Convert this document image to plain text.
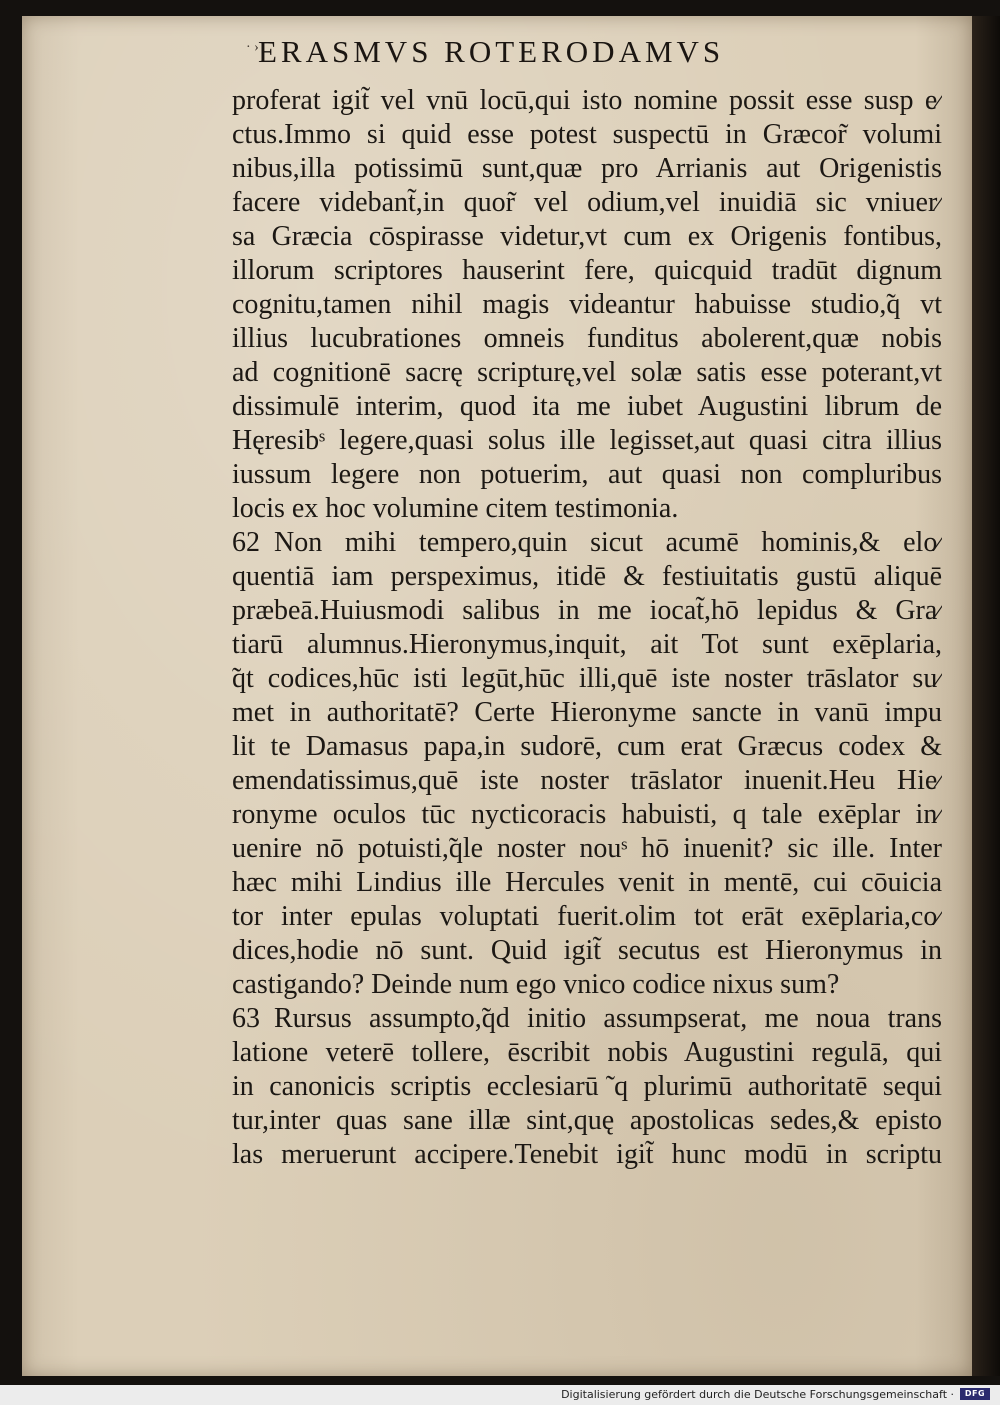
· › ERASMVS ROTERODAMVS
proferat igit̃ vel vnū locū,qui isto nomine possit esse susp e⁄
ctus.Immo si quid esse potest suspectū in Græcor̃ volumi
nibus,illa potissimū sunt,quæ pro Arrianis aut Origenistis
facere videbant̃,in quor̃ vel odium,vel inuidiā sic vniuer⁄
sa Græcia cōspirasse videtur,vt cum ex Origenis fontibus,
illorum scriptores hauserint fere, quicquid tradūt dignum
cognitu,tamen nihil magis videantur habuisse studio,̃q vt
illius lucubrationes omneis funditus abolerent,quæ nobis
ad cognitionē sacrę scripturę,vel solæ satis esse poterant,vt
dissimulē interim, quod ita me iubet Augustini librum de
Hęresibˢ legere,quasi solus ille legisset,aut quasi citra illius
iussum legere non potuerim, aut quasi non compluribus
locis ex hoc volumine citem testimonia.
62 Non mihi tempero,quin sicut acumē hominis,& elo⁄
quentiā iam perspeximus, itidē & festiuitatis gustū aliquē
præbeā.Huiusmodi salibus in me iocat̃,hō lepidus & Gra⁄
tiarū alumnus.Hieronymus,inquit, ait Tot sunt exēplaria,
̃qt codices,hūc isti legūt,hūc illi,quē iste noster trāslator su⁄
met in authoritatē? Certe Hieronyme sancte in vanū impu
lit te Damasus papa,in sudorē, cum erat Græcus codex &
emendatissimus,quē iste noster trāslator inuenit.Heu Hie⁄
ronyme oculos tūc nycticoracis habuisti, q tale exēplar in⁄
uenire nō potuisti,̃qle noster nouˢ hō inuenit? sic ille. Inter
hæc mihi Lindius ille Hercules venit in mentē, cui cōuicia
tor inter epulas voluptati fuerit.olim tot erāt exēplaria,co⁄
dices,hodie nō sunt. Quid igit̃ secutus est Hieronymus in
castigando? Deinde num ego vnico codice nixus sum?
63 Rursus assumpto,̃qd initio assumpserat, me noua trans
latione veterē tollere, ēscribit nobis Augustini regulā, qui
in canonicis scriptis ecclesiarū ̃q plurimū authoritatē sequi
tur,inter quas sane illæ sint,quę apostolicas sedes,& episto
las meruerunt accipere.Tenebit igit̃ hunc modū in scriptu
Digitalisierung gefördert durch die Deutsche Forschungsgemeinschaft ·	DFG
